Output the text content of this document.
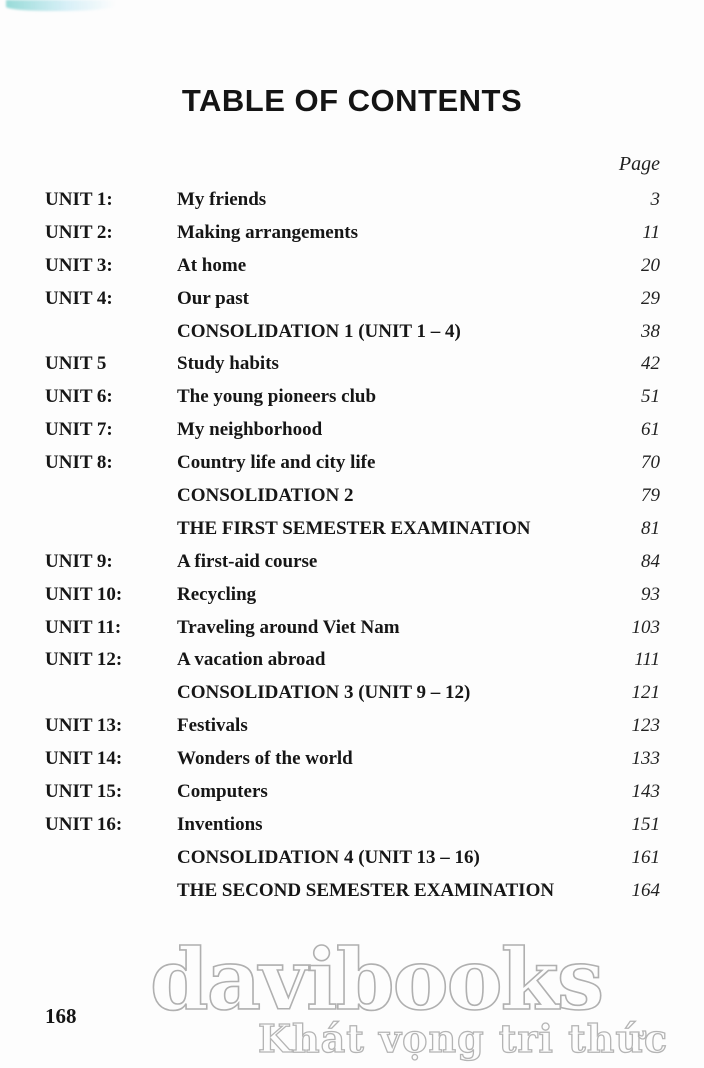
TABLE OF CONTENTS
Page
UNIT 1:	My friends	3
UNIT 2:	Making arrangements	11
UNIT 3:	At home	20
UNIT 4:	Our past	29
CONSOLIDATION 1 (UNIT 1 – 4)	38
UNIT 5	Study habits	42
UNIT 6:	The young pioneers club	51
UNIT 7:	My neighborhood	61
UNIT 8:	Country life and city life	70
CONSOLIDATION 2	79
THE FIRST SEMESTER EXAMINATION	81
UNIT 9:	A first-aid course	84
UNIT 10:	Recycling	93
UNIT 11:	Traveling around Viet Nam	103
UNIT 12:	A vacation abroad	111
CONSOLIDATION 3 (UNIT 9 – 12)	121
UNIT 13:	Festivals	123
UNIT 14:	Wonders of the world	133
UNIT 15:	Computers	143
UNIT 16:	Inventions	151
CONSOLIDATION 4 (UNIT 13 – 16)	161
THE SECOND SEMESTER EXAMINATION	164
168 davibooks
Khát vọng tri thức
